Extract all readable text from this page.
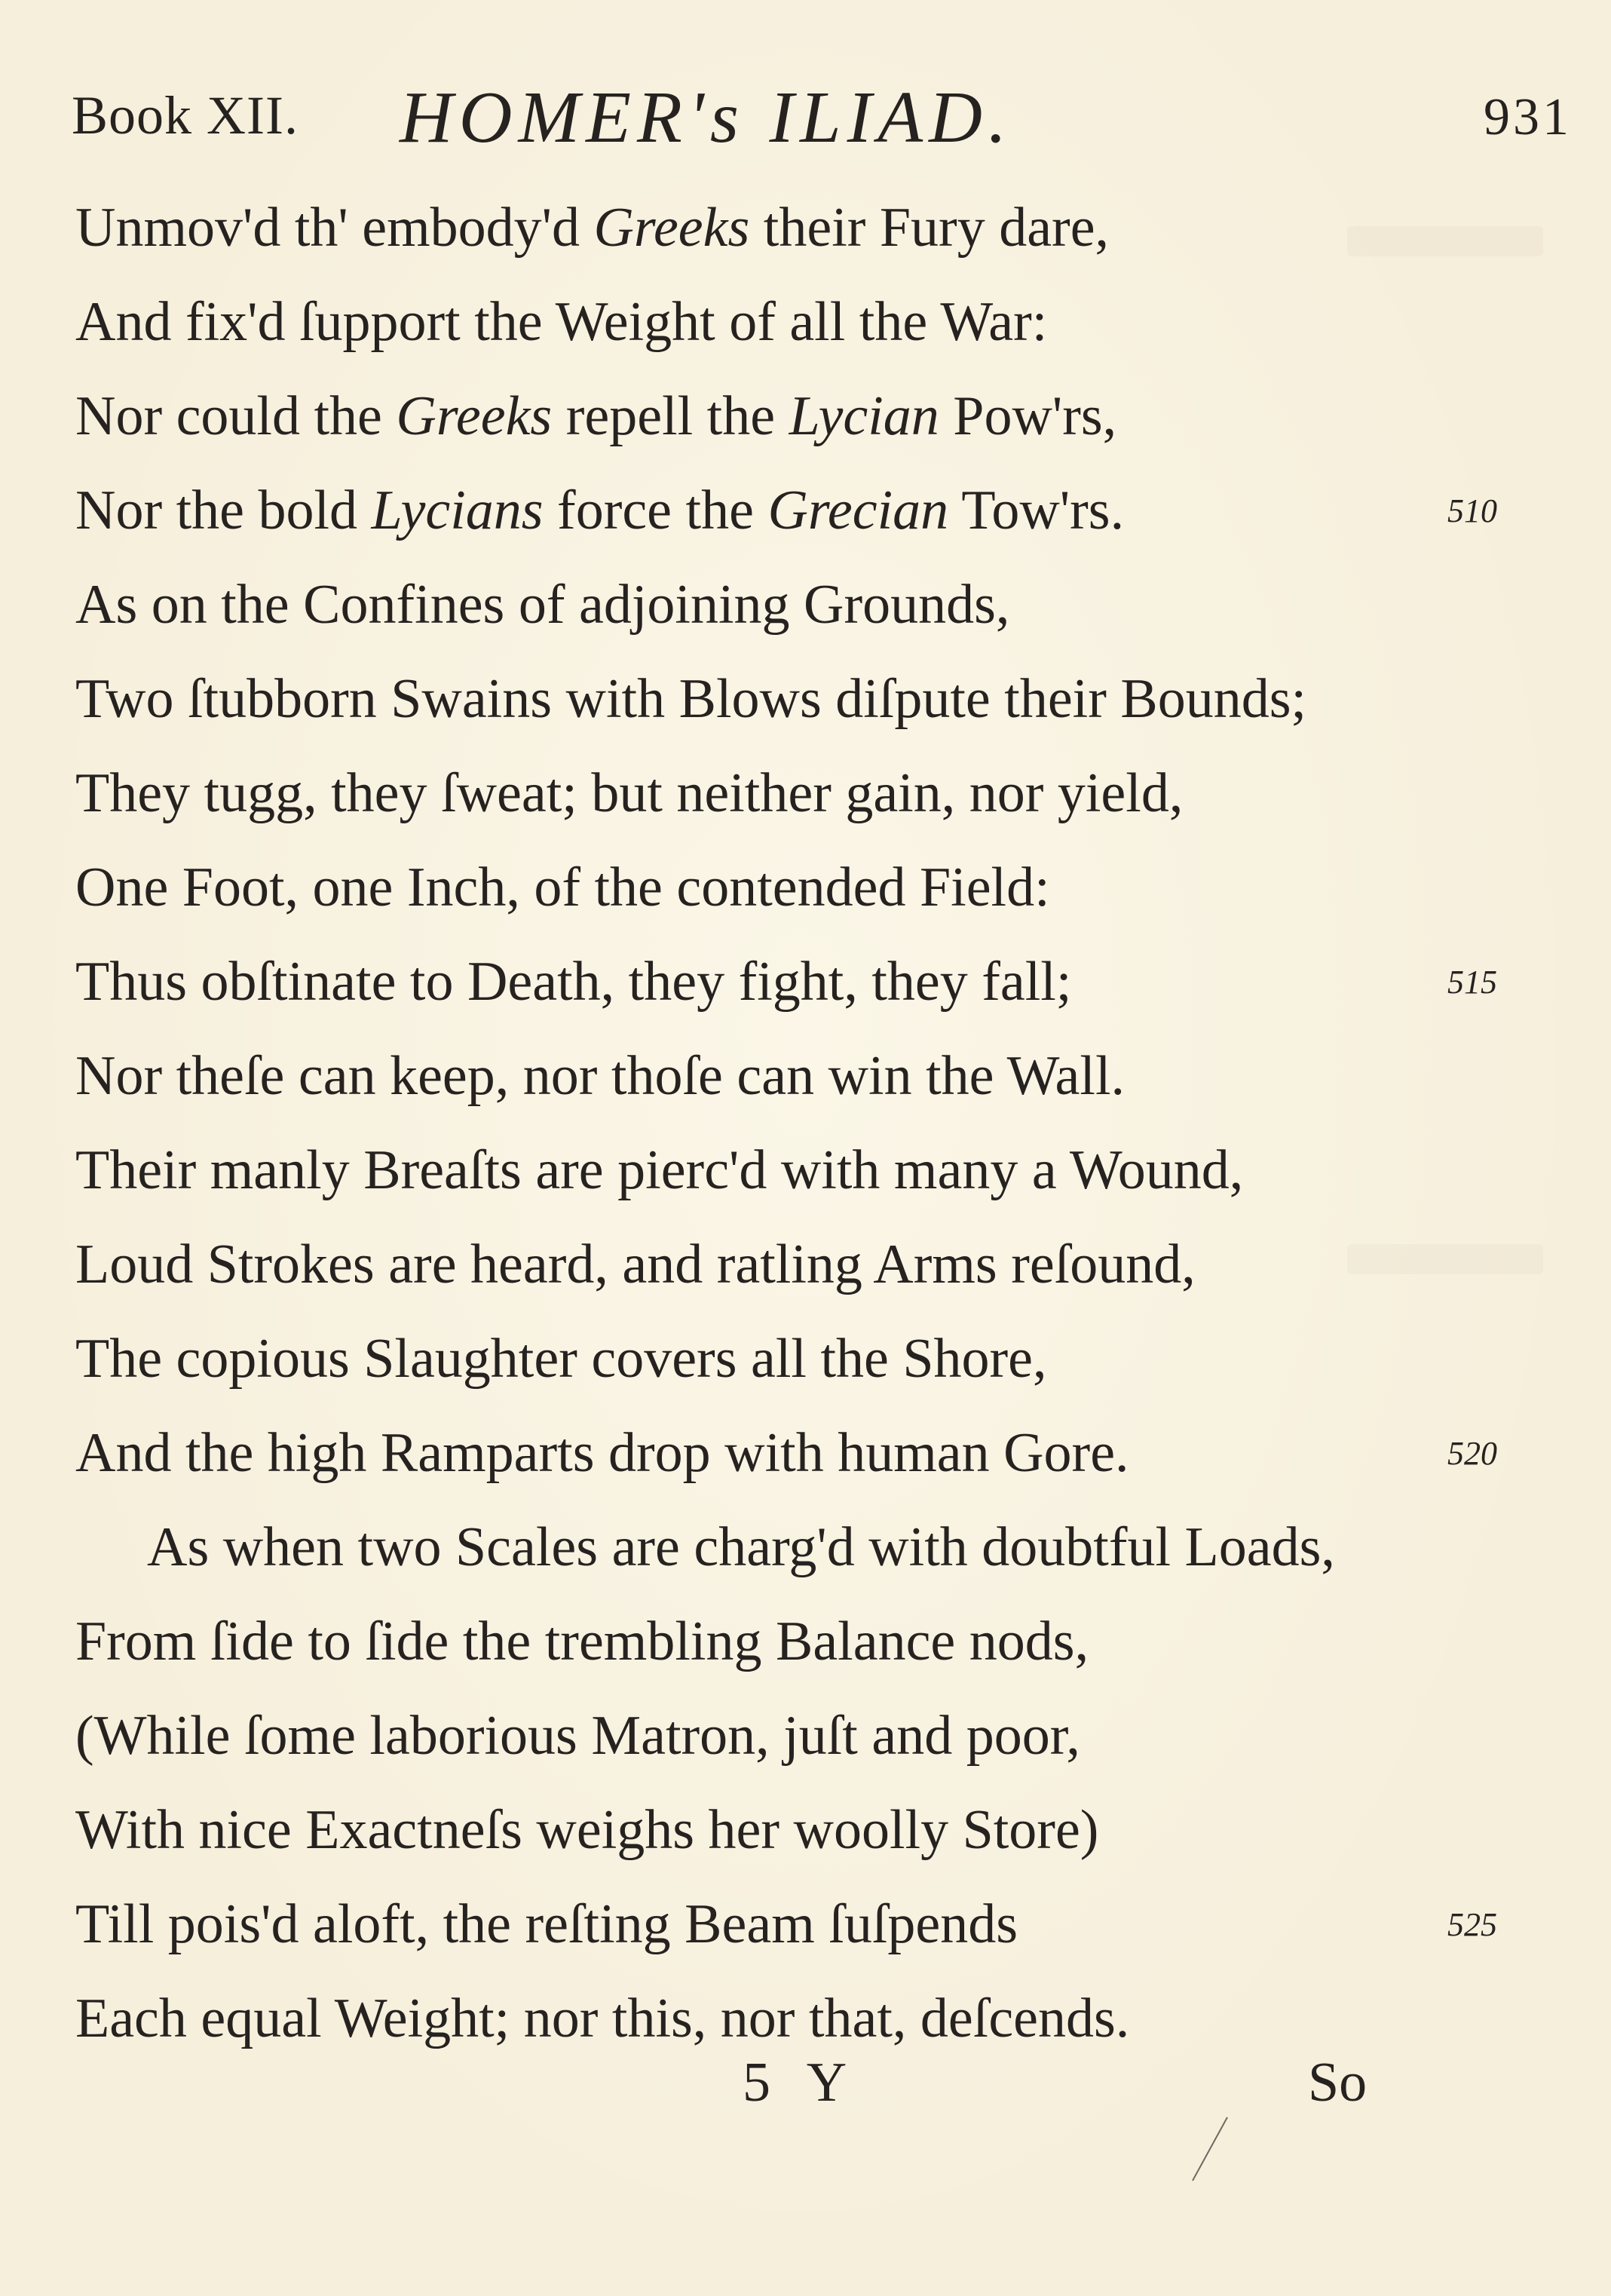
Book XII. HOMER's ILIAD.	931
Unmov'd th' embody'd Greeks their Fury dare,
And fix'd ſupport the Weight of all the War:
Nor could the Greeks repell the Lycian Pow'rs,
Nor the bold Lycians force the Grecian Tow'rs.	510
As on the Confines of adjoining Grounds,
Two ſtubborn Swains with Blows diſpute their Bounds;
They tugg, they ſweat; but neither gain, nor yield,
One Foot, one Inch, of the contended Field:
Thus obſtinate to Death, they fight, they fall;	515
Nor theſe can keep, nor thoſe can win the Wall.
Their manly Breaſts are pierc'd with many a Wound,
Loud Strokes are heard, and ratling Arms reſound,
The copious Slaughter covers all the Shore,
And the high Ramparts drop with human Gore.	520
As when two Scales are charg'd with doubtful Loads,
From ſide to ſide the trembling Balance nods,
(While ſome laborious Matron, juſt and poor,
With nice Exactneſs weighs her woolly Store)
Till pois'd aloft, the reſting Beam ſuſpends	525
Each equal Weight; nor this, nor that, deſcends.
5 Y	So
